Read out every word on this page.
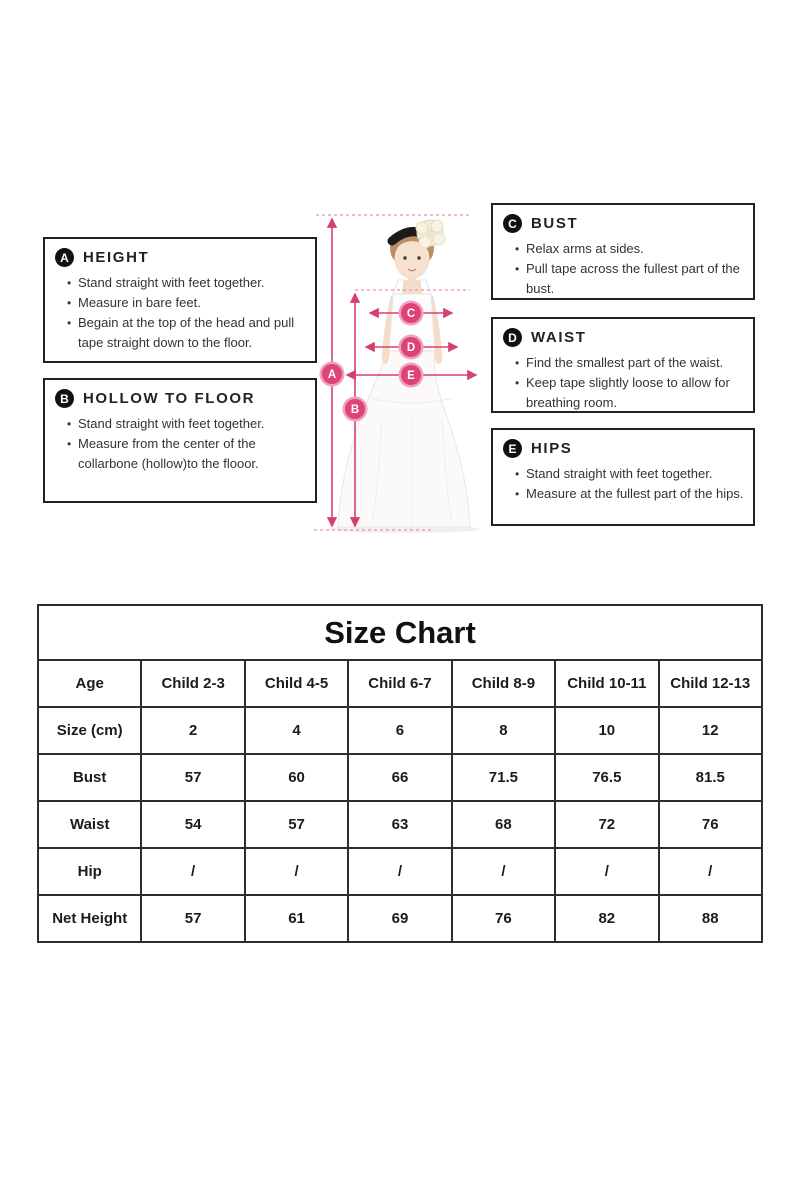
A HEIGHT
• Stand straight with feet together.
• Measure in bare feet.
• Begain at the top of the head and pull tape straight down to the floor.
B HOLLOW TO FLOOR
• Stand straight with feet together.
• Measure from the center of the collarbone (hollow)to the flooor.
C BUST
• Relax arms at sides.
• Pull tape across the fullest part of the bust.
D WAIST
• Find the smallest part of the waist.
• Keep tape slightly loose to allow for breathing room.
E HIPS
• Stand straight with feet together.
• Measure at the fullest part of the hips.
A
B
C
D
E
Size Chart						
Age	Child 2-3	Child 4-5	Child 6-7	Child 8-9	Child 10-11	Child 12-13
Size (cm)	2	4	6	8	10	12
Bust	57	60	66	71.5	76.5	81.5
Waist	54	57	63	68	72	76
Hip	/	/	/	/	/	/
Net Height	57	61	69	76	82	88
